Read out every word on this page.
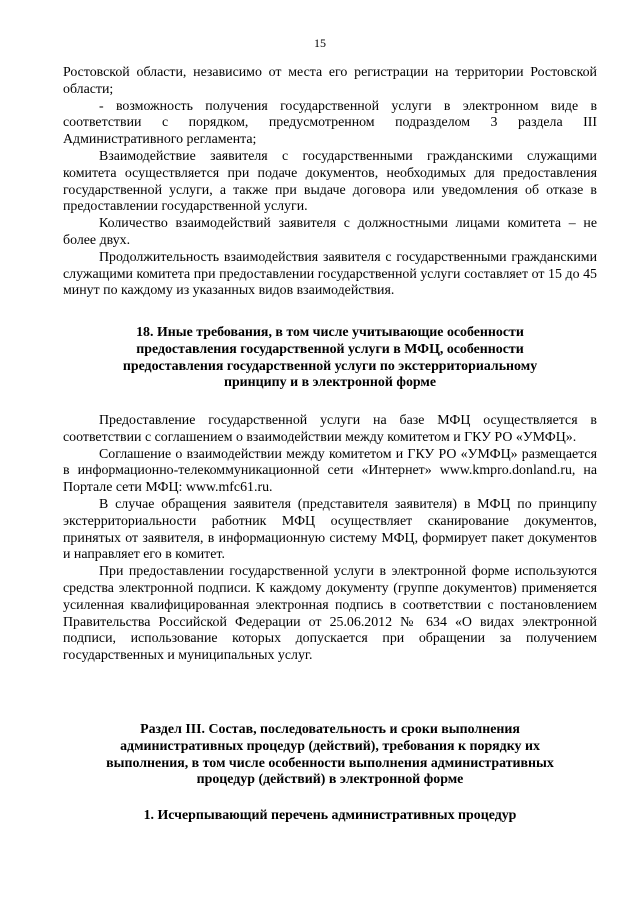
15

Ростовской области, независимо от места его регистрации на территории Ростовской области;

- возможность получения государственной услуги в электронном виде в соответствии с порядком, предусмотренном подразделом 3 раздела III Административного регламента;

Взаимодействие заявителя с государственными гражданскими служащими комитета осуществляется при подаче документов, необходимых для предоставления государственной услуги, а также при выдаче договора или уведомления об отказе в предоставлении государственной услуги.

Количество взаимодействий заявителя с должностными лицами комитета – не более двух.

Продолжительность взаимодействия заявителя с государственными гражданскими служащими комитета при предоставлении государственной услуги составляет от 15 до 45 минут по каждому из указанных видов взаимодействия.

18. Иные требования, в том числе учитывающие особенности предоставления государственной услуги в МФЦ, особенности предоставления государственной услуги по экстерриториальному принципу и в электронной форме

Предоставление государственной услуги на базе МФЦ осуществляется в соответствии с соглашением о взаимодействии между комитетом и ГКУ РО «УМФЦ».

Соглашение о взаимодействии между комитетом и ГКУ РО «УМФЦ» размещается в информационно-телекоммуникационной сети «Интернет» www.kmpro.donland.ru, на Портале сети МФЦ: www.mfc61.ru.

В случае обращения заявителя (представителя заявителя) в МФЦ по принципу экстерриториальности работник МФЦ осуществляет сканирование документов, принятых от заявителя, в информационную систему МФЦ, формирует пакет документов и направляет его в комитет.

При предоставлении государственной услуги в электронной форме используются средства электронной подписи. К каждому документу (группе документов) применяется усиленная квалифицированная электронная подпись в соответствии с постановлением Правительства Российской Федерации от 25.06.2012 № 634 «О видах электронной подписи, использование которых допускается при обращении за получением государственных и муниципальных услуг.

Раздел III. Состав, последовательность и сроки выполнения административных процедур (действий), требования к порядку их выполнения, в том числе особенности выполнения административных процедур (действий) в электронной форме

1. Исчерпывающий перечень административных процедур
